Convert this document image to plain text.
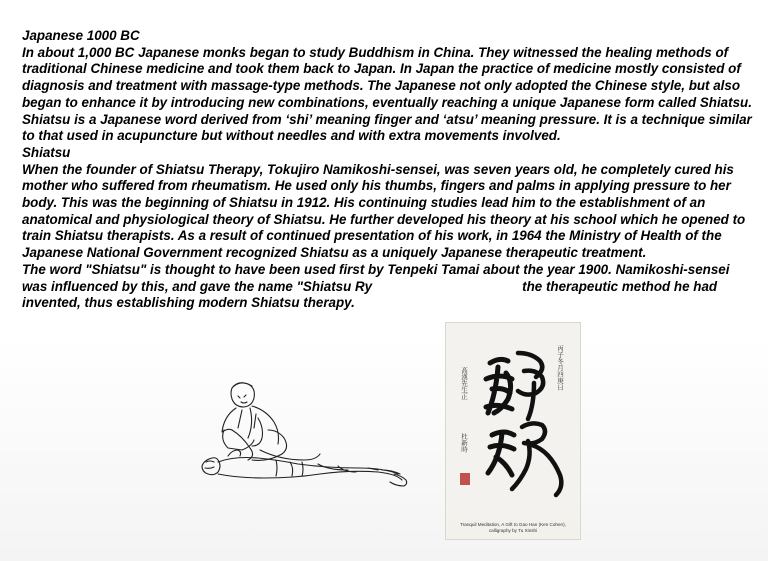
Japanese 1000 BC

In about 1,000 BC Japanese monks began to study Buddhism in China. They witnessed the healing methods of traditional Chinese medicine and took them back to Japan. In Japan the practice of medicine mostly consisted of diagnosis and treatment with massage-type methods. The Japanese not only adopted the Chinese style, but also began to enhance it by introducing new combinations, eventually reaching a unique Japanese form called Shiatsu. Shiatsu is a Japanese word derived from ‘shi’ meaning finger and ‘atsu’ meaning pressure. It is a technique similar to that used in acupuncture but without needles and with extra movements involved.

Shiatsu

When the founder of Shiatsu Therapy, Tokujiro Namikoshi-sensei, was seven years old, he completely cured his mother who suffered from rheumatism. He used only his thumbs, fingers and palms in applying pressure to her body. This was the beginning of Shiatsu in 1912. His continuing studies lead him to the establishment of an anatomical and physiological theory of Shiatsu. He further developed his theory at his school which he opened to train Shiatsu therapists. As a result of continued presentation of his work, in 1964 the Ministry of Health of the Japanese National Government recognized Shiatsu as a uniquely Japanese therapeutic treatment.

The word "Shiatsu" is thought to have been used first by Tenpeki Tamai about the year 1900. Namikoshi-sensei was influenced by this, and gave the name "Shiatsu Ry	the therapeutic method he had invented, thus establishing modern Shiatsu therapy.

静觀
丙子冬月四庚日
高漢先生正
杜新時
Tranquil Meditation, A Gift to Gao Han (Ken Cohen),
calligraphy by Tu Xinshi
